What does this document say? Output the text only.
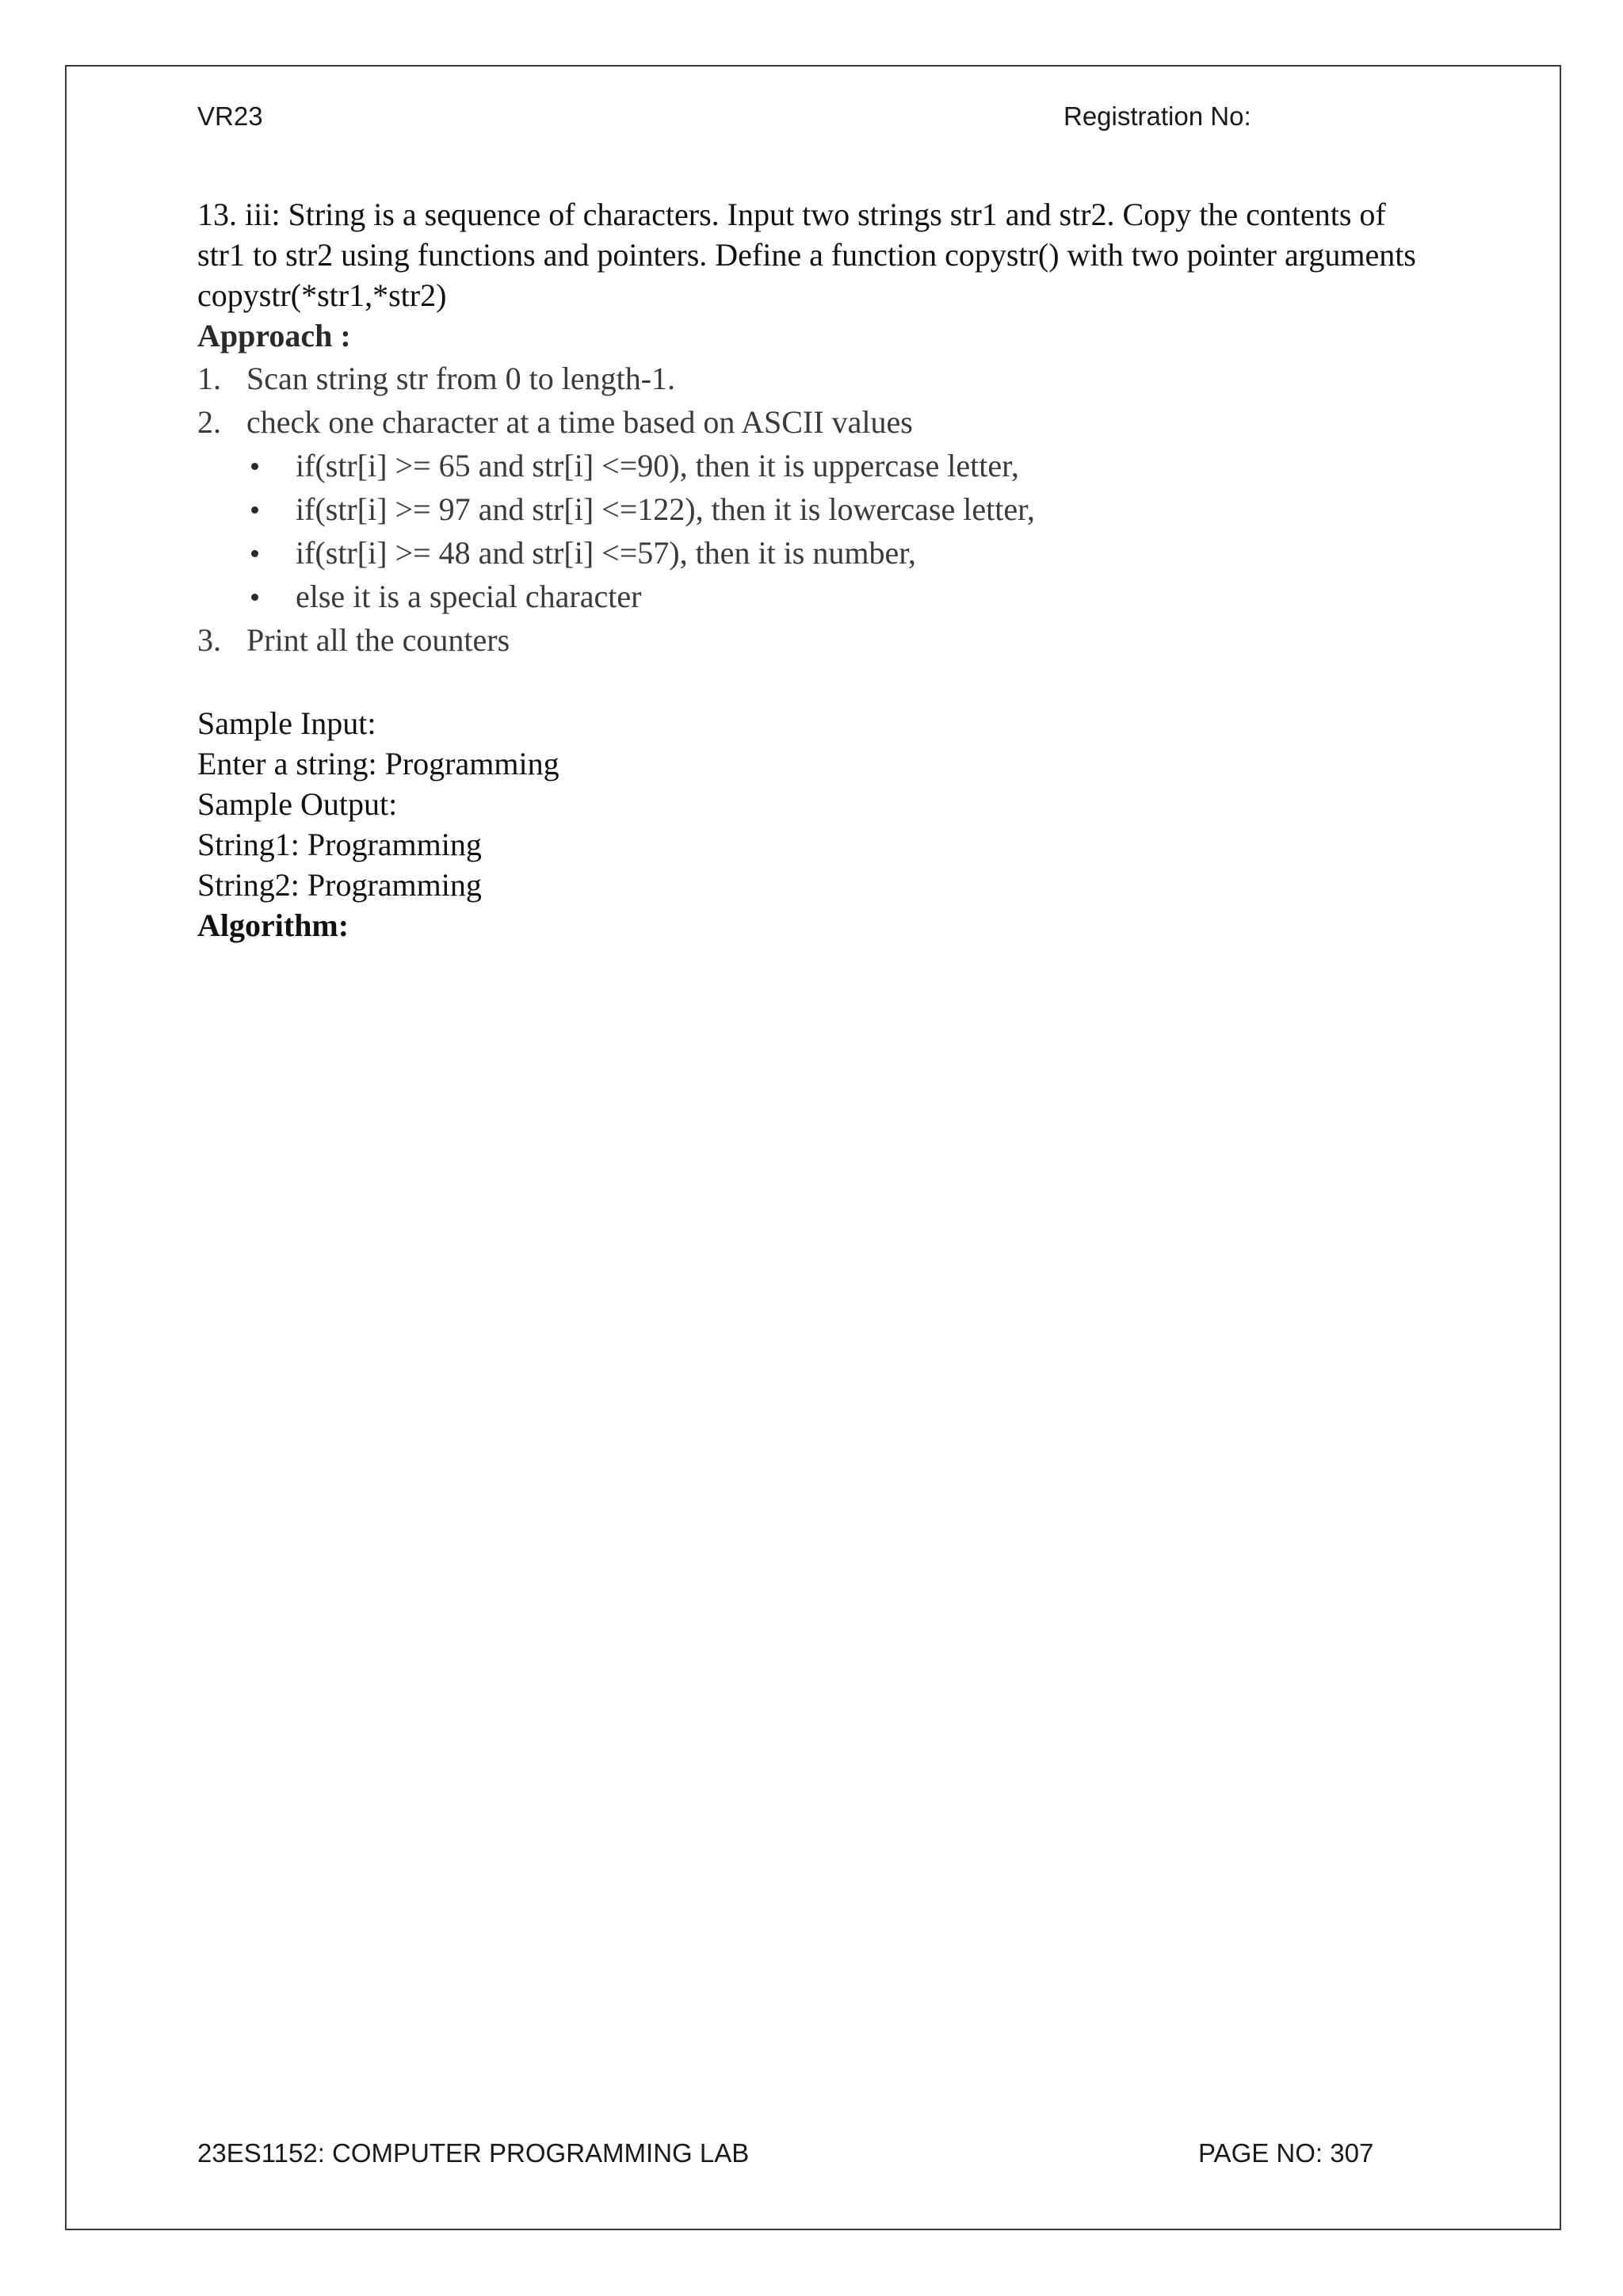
VR23	Registration No:

13. iii: String is a sequence of characters. Input two strings str1 and str2. Copy the contents of

str1 to str2 using functions and pointers. Define a function copystr() with two pointer arguments

copystr(*str1,*str2)

Approach :
1. Scan string str from 0 to length-1.
2. check one character at a time based on ASCII values
if(str[i] >= 65 and str[i] <=90), then it is uppercase letter,
if(str[i] >= 97 and str[i] <=122), then it is lowercase letter,
if(str[i] >= 48 and str[i] <=57), then it is number,
else it is a special character
3. Print all the counters
Sample Input:
Enter a string: Programming
Sample Output:
String1: Programming
String2: Programming
Algorithm:
23ES1152: COMPUTER PROGRAMMING LAB	PAGE NO: 307
